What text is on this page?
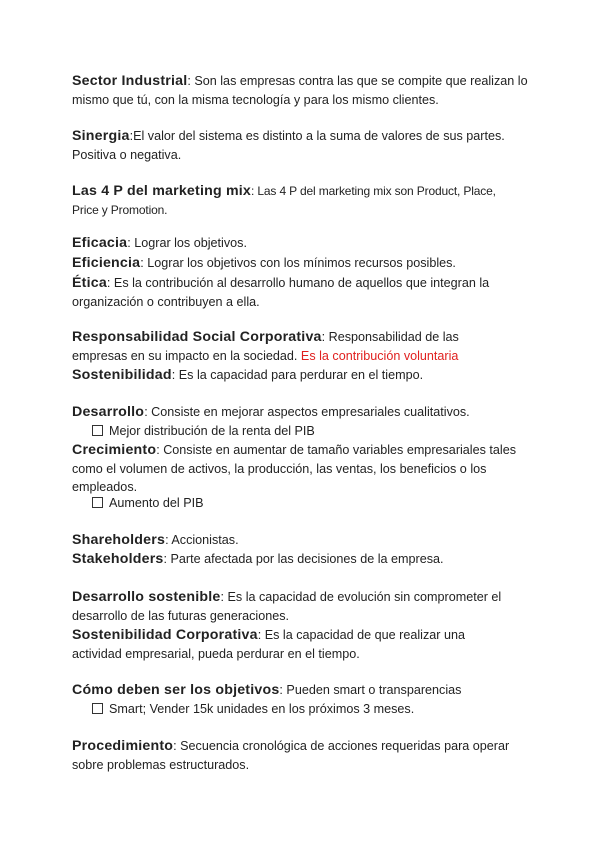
Sector Industrial: Son las empresas contra las que se compite que realizan lo mismo que tú, con la misma tecnología y para los mismo clientes.
Sinergia:El valor del sistema es distinto a la suma de valores de sus partes. Positiva o negativa.
Las 4 P del marketing mix: Las 4 P del marketing mix son Product, Place, Price y Promotion.
Eficacia: Lograr los objetivos.
Eficiencia: Lograr los objetivos con los mínimos recursos posibles.
Ética: Es la contribución al desarrollo humano de aquellos que integran la organización o contribuyen a ella.
Responsabilidad Social Corporativa: Responsabilidad de las empresas en su impacto en la sociedad. Es la contribución voluntaria
Sostenibilidad: Es la capacidad para perdurar en el tiempo.
Desarrollo: Consiste en mejorar aspectos empresariales cualitativos.
Mejor distribución de la renta del PIB
Crecimiento: Consiste en aumentar de tamaño variables empresariales tales como el volumen de activos, la producción, las ventas, los beneficios o los empleados.
Aumento del PIB
Shareholders: Accionistas.
Stakeholders: Parte afectada por las decisiones de la empresa.
Desarrollo sostenible: Es la capacidad de evolución sin comprometer el desarrollo de las futuras generaciones.
Sostenibilidad Corporativa: Es la capacidad de que realizar una actividad empresarial, pueda perdurar en el tiempo.
Cómo deben ser los objetivos: Pueden smart o transparencias
Smart; Vender 15k unidades en los próximos 3 meses.
Procedimiento: Secuencia cronológica de acciones requeridas para operar sobre problemas estructurados.
